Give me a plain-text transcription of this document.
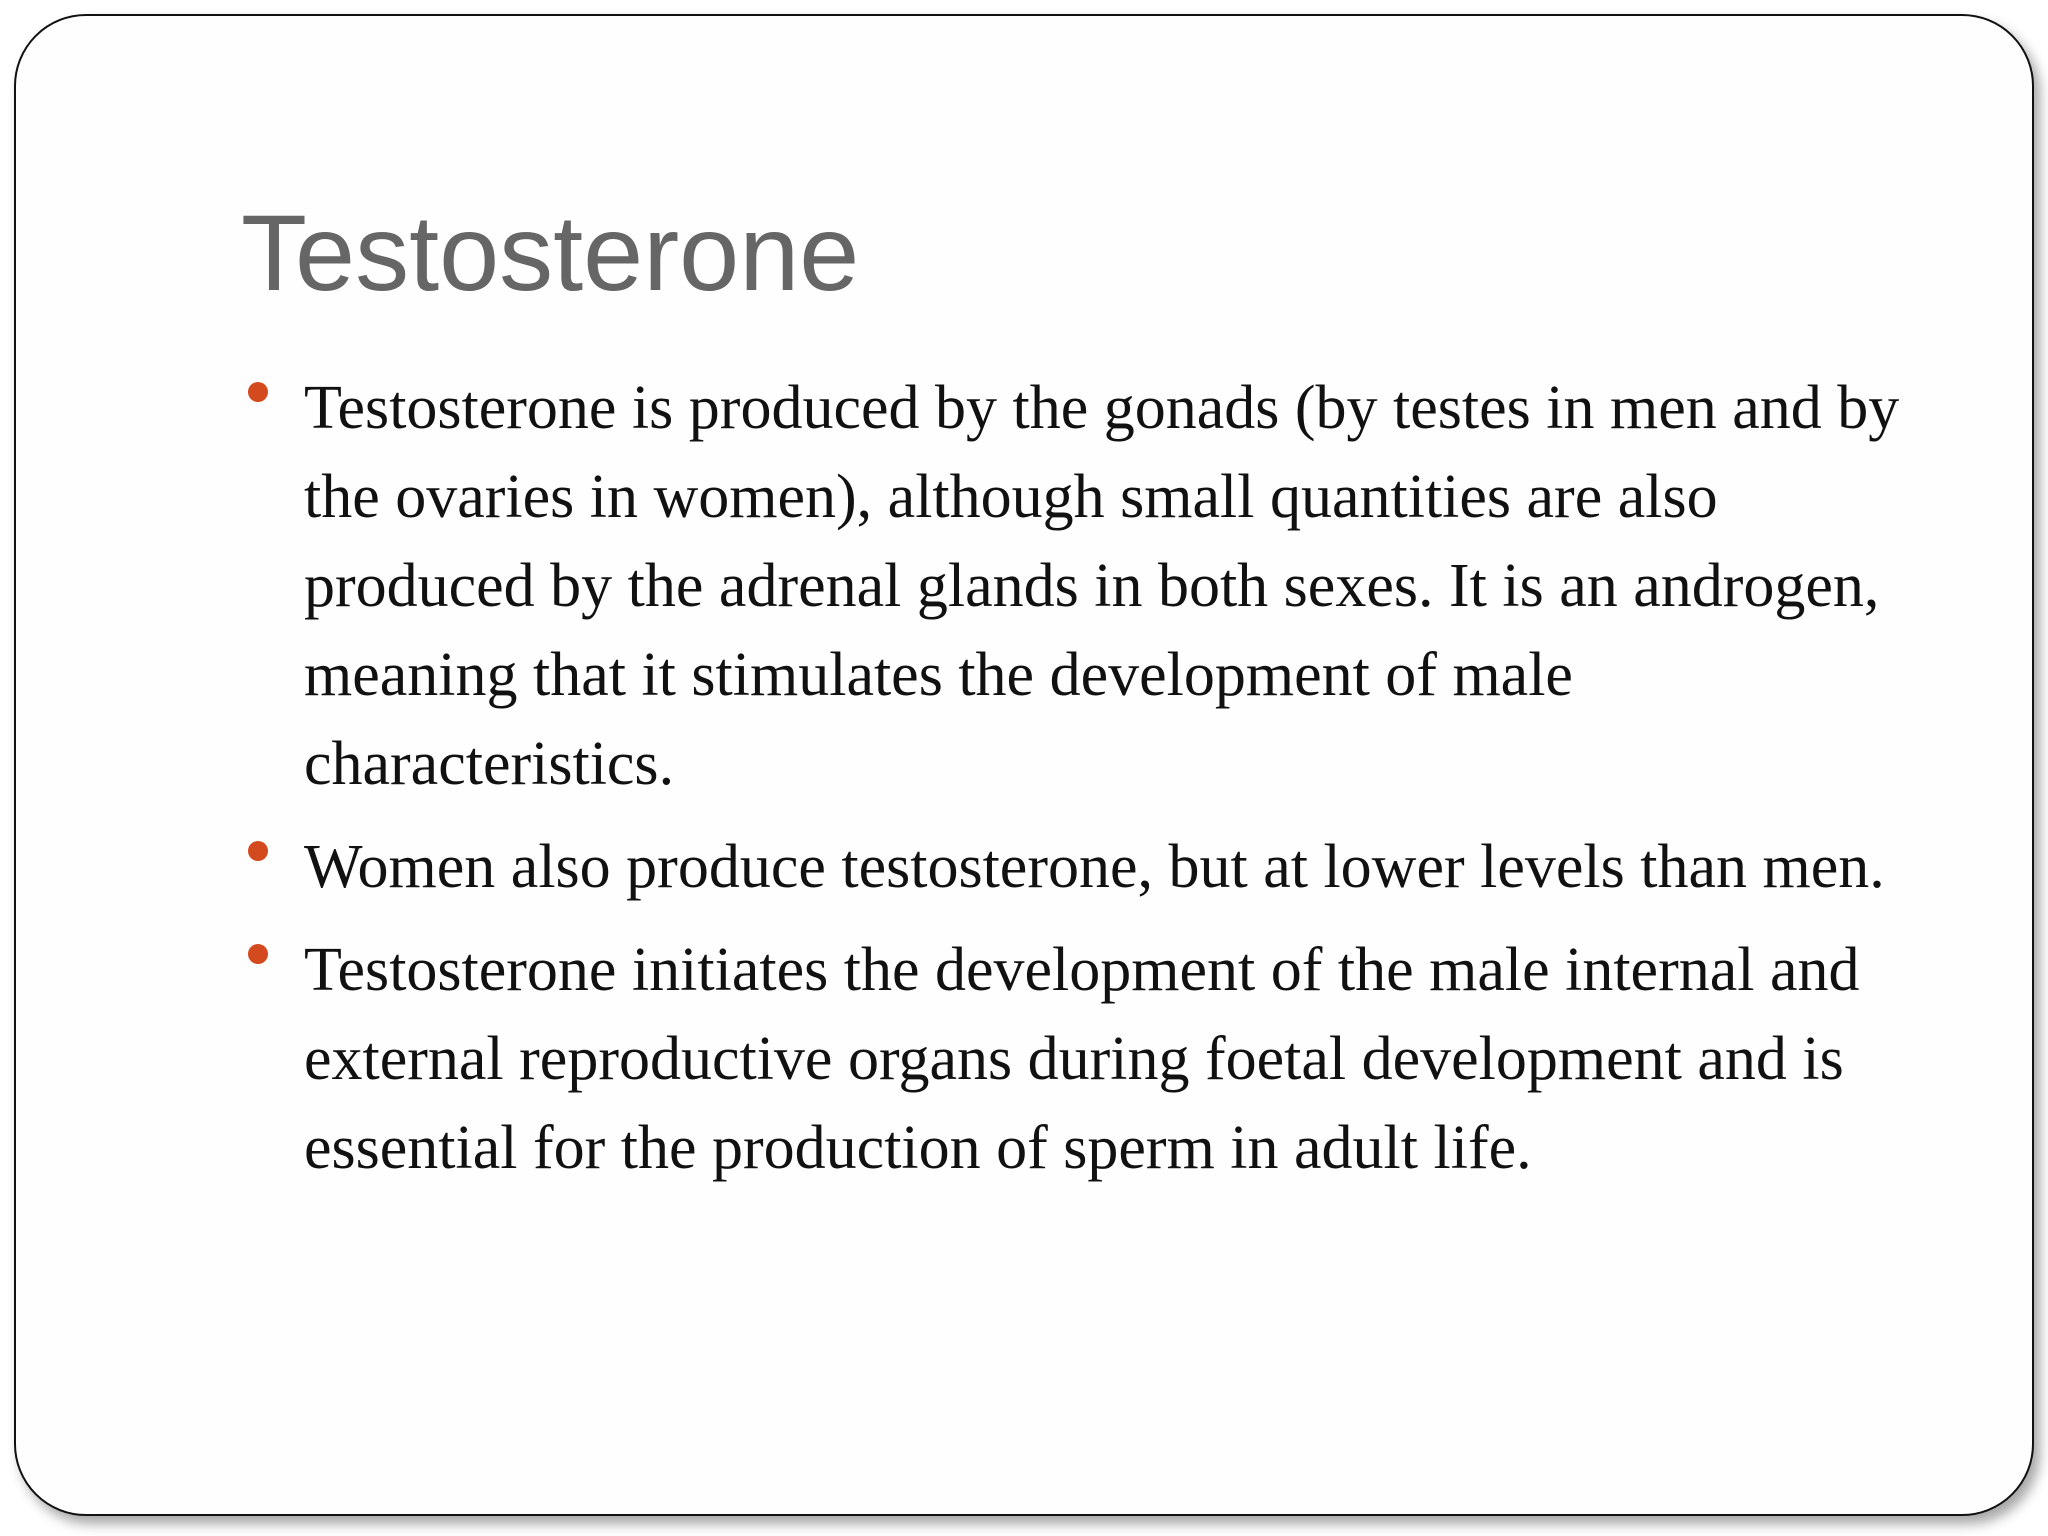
Testosterone
Testosterone is produced by the gonads (by testes in men and by the ovaries in women), although small quantities are also produced by the adrenal glands in both sexes. It is an androgen, meaning that it stimulates the development of male characteristics.
Women also produce testosterone, but at lower levels than men.
Testosterone initiates the development of the male internal and external reproductive organs during foetal development and is essential for the production of sperm in adult life.
